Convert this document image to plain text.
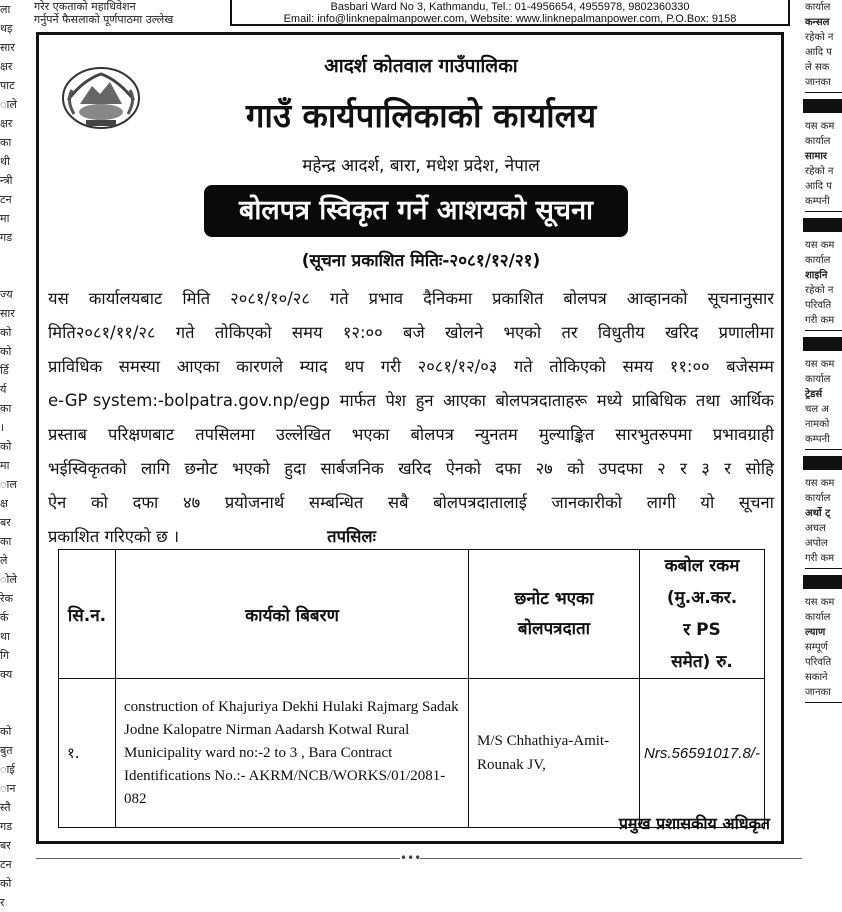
ला
थइ
सार
क्षर
पाट
ाले
क्षर
का
थी
न्त्री
टन
मा
गड

ज्य
सार
को
को
र्डि
र्य
का
।
को
मा
ाल
क्ष
बर
का
ले
ोले
रेक
र्क
था
गि
क्य

को
बुत
ाई
ान
स्तै
गड
बर
टन
को
र
गरेर एकताको महाधिवेशन
गर्नुपर्ने फैसलाको पूर्णपाठमा उल्लेख
Basbari Ward No 3, Kathmandu, Tel.: 01-4956654, 4955978, 9802360330
Email: info@linknepalmanpower.com, Website: www.linknepalmanpower.com, P.O.Box: 9158
कार्याल
कन्सल
रहेको न
आदि प
ले सक
जानका
यस कम
कार्याल
सामार
रहेको न
आदि प
कम्पनी
यस कम
कार्याल
शाइनि
रहेको न
परिवति
गरी कम
यस कम
कार्याल
ट्रेडर्स
चल अ
नामको
कम्पनी
यस कम
कार्याल
अर्थो ट्
अचल
अपोल
गरी कम
यस कम
कार्याल
ल्याण
सम्पूर्ण
परिवति
सकाने
जानका
आदर्श कोतवाल गाउँपालिका
गाउँ कार्यपालिकाको कार्यालय
महेन्द्र आदर्श, बारा, मधेश प्रदेश, नेपाल
बोलपत्र स्विकृत गर्ने आशयको सूचना
(सूचना प्रकाशित मितिः-२०८१/१२/२१)
यस कार्यालयबाट मिति २०८१/१०/२८ गते प्रभाव दैनिकमा प्रकाशित बोलपत्र आव्हानको सूचनानुसार
मिति२०८१/११/२८ गते तोकिएको समय १२:०० बजे खोलने भएको तर विधुतीय खरिद प्रणालीमा
प्राविधिक समस्या आएका कारणले म्याद थप गरी २०८१/१२/०३ गते तोकिएको समय ११:०० बजेसम्म
e-GP system:-bolpatra.gov.np/egp मार्फत पेश हुन आएका बोलपत्रदाताहरू मध्ये प्राबिधिक तथा आर्थिक
प्रस्ताब परिक्षणबाट तपसिलमा उल्लेखित भएका बोलपत्र न्युनतम मुल्याङ्कित सारभुतरुपमा प्रभावग्राही
भईस्विकृतको लागि छनोट भएको हुदा सार्बजनिक खरिद ऐनको दफा २७ को उपदफा २ र ३ र सोहि
ऐन को दफा ४७ प्रयोजनार्थ सम्बन्धित सबै बोलपत्रदातालाई जानकारीको लागी यो सूचना
प्रकाशित गरिएको छ ।	तपसिलः
सि.न.	कार्यको बिबरण	छनोट भएका बोलपत्रदाता	कबोल रकम (मु.अ.कर. र PS समेत) रु.
१.	construction of Khajuriya Dekhi Hulaki Rajmarg Sadak Jodne Kalopatre Nirman Aadarsh Kotwal Rural Municipality ward no:-2 to 3 , Bara Contract Identifications No.:- AKRM/NCB/WORKS/01/2081-082	M/S Chhathiya-Amit-Rounak JV,	Nrs.56591017.8/-
प्रमुख प्रशासकीय अधिकृत
•••
